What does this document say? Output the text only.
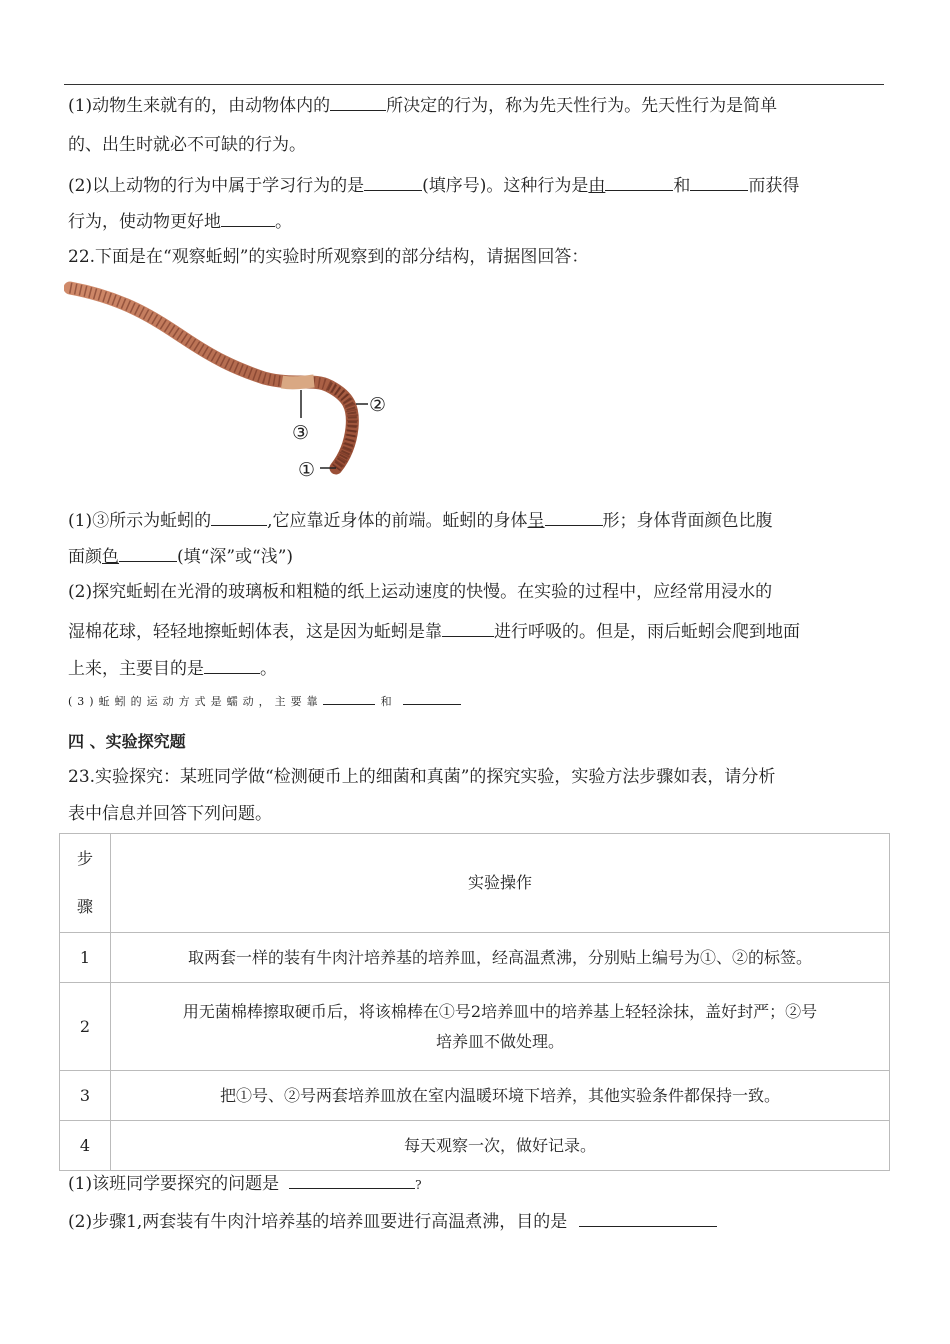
(1)动物生来就有的，由动物体内的	所决定的行为，称为先天性行为。先天性行为是简单
的、出生时就必不可缺的行为。
(2)以上动物的行为中属于学习行为的是	(填序号)。这种行为是由	和	而获得
行为，使动物更好地	。
22.下面是在“观察蚯蚓”的实验时所观察到的部分结构，请据图回答：
③
②
①
(1)③所示为蚯蚓的	,它应靠近身体的前端。蚯蚓的身体呈	形；身体背面颜色比腹
面颜色	(填“深”或“浅”)
(2)探究蚯蚓在光滑的玻璃板和粗糙的纸上运动速度的快慢。在实验的过程中，应经常用浸水的
湿棉花球，轻轻地擦蚯蚓体表，这是因为蚯蚓是靠	进行呼吸的。但是，雨后蚯蚓会爬到地面
上来，主要目的是	。
(3)蚯蚓的运动方式是蠕动，主要靠	和
四 、实验探究题
23.实验探究：某班同学做“检测硬币上的细菌和真菌”的探究实验，实验方法步骤如表，请分析
表中信息并回答下列问题。
步骤	实验操作
1	取两套一样的装有牛肉汁培养基的培养皿，经高温煮沸，分别贴上编号为①、②的标签。
2	用无菌棉棒擦取硬币后，将该棉棒在①号2培养皿中的培养基上轻轻涂抹，盖好封严；②号
培养皿不做处理。
3	把①号、②号两套培养皿放在室内温暖环境下培养，其他实验条件都保持一致。
4	每天观察一次，做好记录。
(1)该班同学要探究的问题是	?
(2)步骤1,两套装有牛肉汁培养基的培养皿要进行高温煮沸，目的是
